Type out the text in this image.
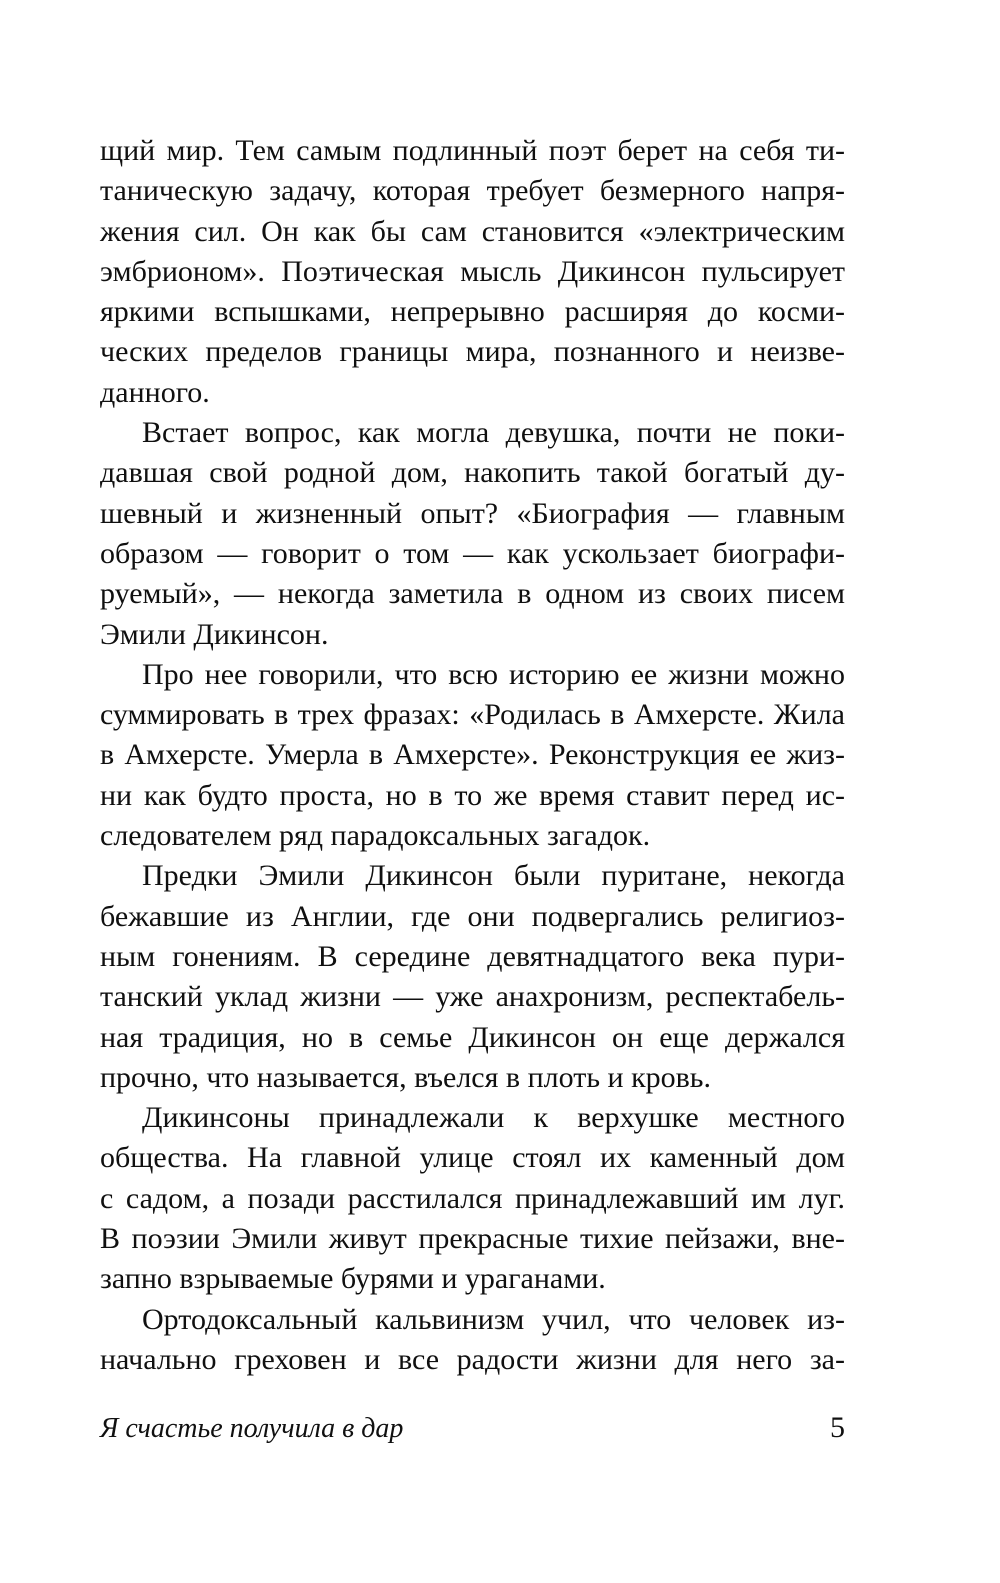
щий мир. Тем самым подлинный поэт берет на себя ти-
таническую задачу, которая требует безмерного напря-
жения сил. Он как бы сам становится «электрическим
эмбрионом». Поэтическая мысль Дикинсон пульсирует
яркими вспышками, непрерывно расширяя до косми-
ческих пределов границы мира, познанного и неизве-
данного.
Встает вопрос, как могла девушка, почти не поки-
давшая свой родной дом, накопить такой богатый ду-
шевный и жизненный опыт? «Биография — главным
образом — говорит о том — как ускользает биографи-
руемый», — некогда заметила в одном из своих писем
Эмили Дикинсон.
Про нее говорили, что всю историю ее жизни можно
суммировать в трех фразах: «Родилась в Амхерсте. Жила
в Амхерсте. Умерла в Амхерсте». Реконструкция ее жиз-
ни как будто проста, но в то же время ставит перед ис-
следователем ряд парадоксальных загадок.
Предки Эмили Дикинсон были пуритане, некогда
бежавшие из Англии, где они подвергались религиоз-
ным гонениям. В середине девятнадцатого века пури-
танский уклад жизни — уже анахронизм, респектабель-
ная традиция, но в семье Дикинсон он еще держался
прочно, что называется, въелся в плоть и кровь.
Дикинсоны принадлежали к верхушке местного
общества. На главной улице стоял их каменный дом
с садом, а позади расстилался принадлежавший им луг.
В поэзии Эмили живут прекрасные тихие пейзажи, вне-
запно взрываемые бурями и ураганами.
Ортодоксальный кальвинизм учил, что человек из-
начально греховен и все радости жизни для него за-
Я счастье получила в дар	5
